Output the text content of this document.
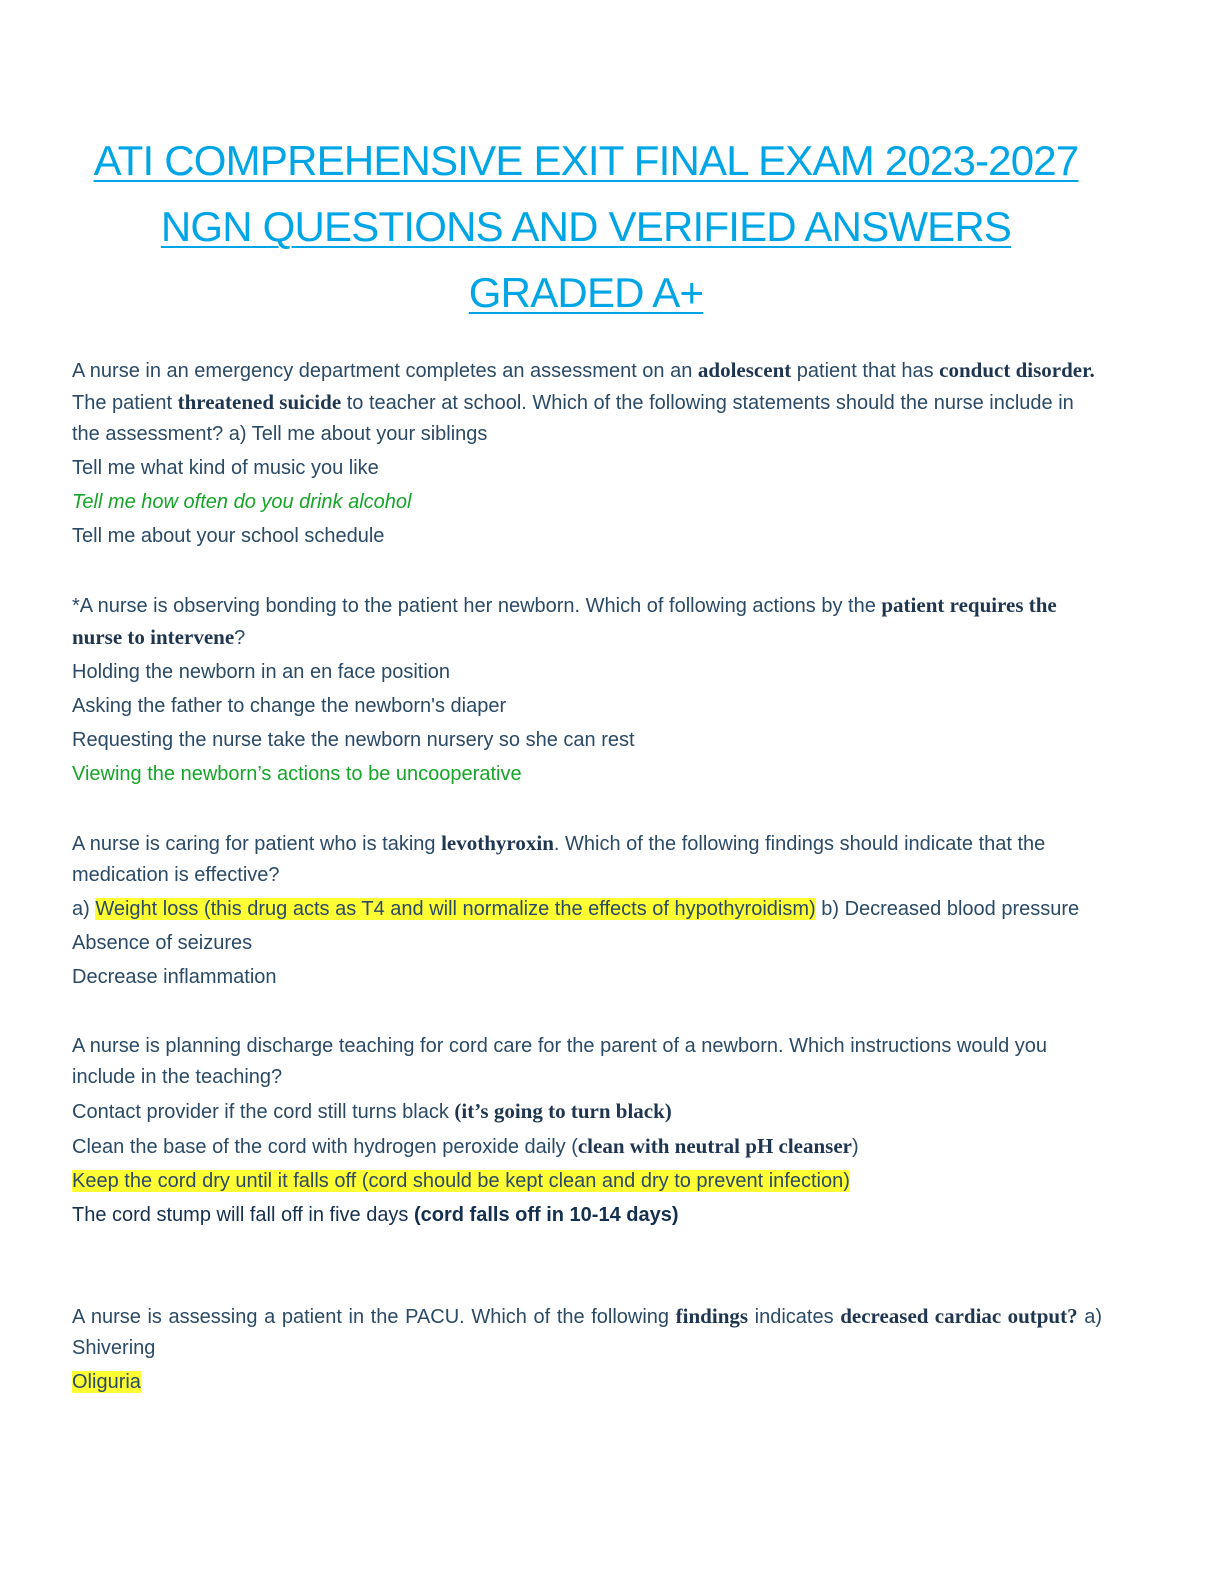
ATI COMPREHENSIVE EXIT FINAL EXAM 2023-2027
NGN QUESTIONS AND VERIFIED ANSWERS
GRADED A+
A nurse in an emergency department completes an assessment on an adolescent patient that has conduct disorder. The patient threatened suicide to teacher at school. Which of the following statements should the nurse include in the assessment? a) Tell me about your siblings
Tell me what kind of music you like
Tell me how often do you drink alcohol
Tell me about your school schedule
*A nurse is observing bonding to the patient her newborn. Which of following actions by the patient requires the nurse to intervene?
Holding the newborn in an en face position
Asking the father to change the newborn's diaper
Requesting the nurse take the newborn nursery so she can rest
Viewing the newborn’s actions to be uncooperative
A nurse is caring for patient who is taking levothyroxin. Which of the following findings should indicate that the medication is effective?
a) Weight loss (this drug acts as T4 and will normalize the effects of hypothyroidism) b) Decreased blood pressure
Absence of seizures
Decrease inflammation
A nurse is planning discharge teaching for cord care for the parent of a newborn. Which instructions would you include in the teaching?
Contact provider if the cord still turns black (it’s going to turn black)
Clean the base of the cord with hydrogen peroxide daily (clean with neutral pH cleanser)
Keep the cord dry until it falls off (cord should be kept clean and dry to prevent infection)
The cord stump will fall off in five days (cord falls off in 10-14 days)
A nurse is assessing a patient in the PACU. Which of the following findings indicates decreased cardiac output? a) Shivering
Oliguria
